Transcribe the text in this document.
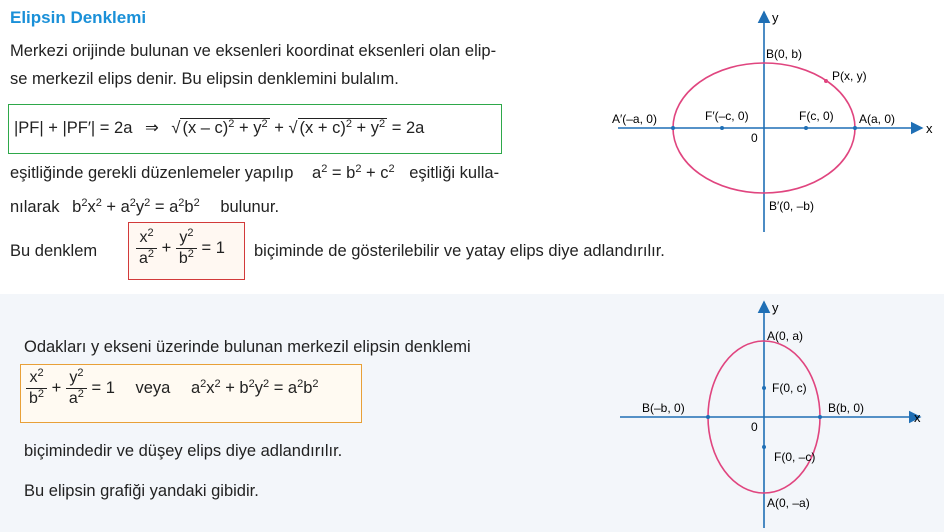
Elipsin Denklemi
Merkezi orijinde bulunan ve eksenleri koordinat eksenleri olan elip-
se merkezil elips denir. Bu elipsin denklemini bulalım.
|PF| + |PF′| = 2a ⇒ √ $(x - c)^2 + y^2$ + √ $(x + c)^2 + y^2 = 2a$
eşitliğinde gerekli düzenlemeler yapılıp $a^2 = b^2 + c^2$ eşitliği kulla-
nılarak $b^2x^2 + a^2y^2 = a^2b^2$ bulunur.
Bu denklem $\frac{x^2}{a^2} + \frac{y^2}{b^2} = 1$ biçiminde de gösterilebilir ve yatay elips diye adlandırılır.
Odakları y ekseni üzerinde bulunan merkezil elipsin denklemi
$\frac{x^2}{b^2} + \frac{y^2}{a^2} = 1$ veya $a^2x^2 + b^2y^2 = a^2b^2$
biçimindedir ve düşey elips diye adlandırılır.
Bu elipsin grafiği yandaki gibidir.
y
x
0
B(0, b)
B′(0, –b)
P(x, y)
A′(–a, 0)	A(a, 0)
F′(–c, 0)	F(c, 0)
y
x
0
A(0, a)
A(0, –a)
F(0, c)
F(0, –c)
B(–b, 0)	B(b, 0)
